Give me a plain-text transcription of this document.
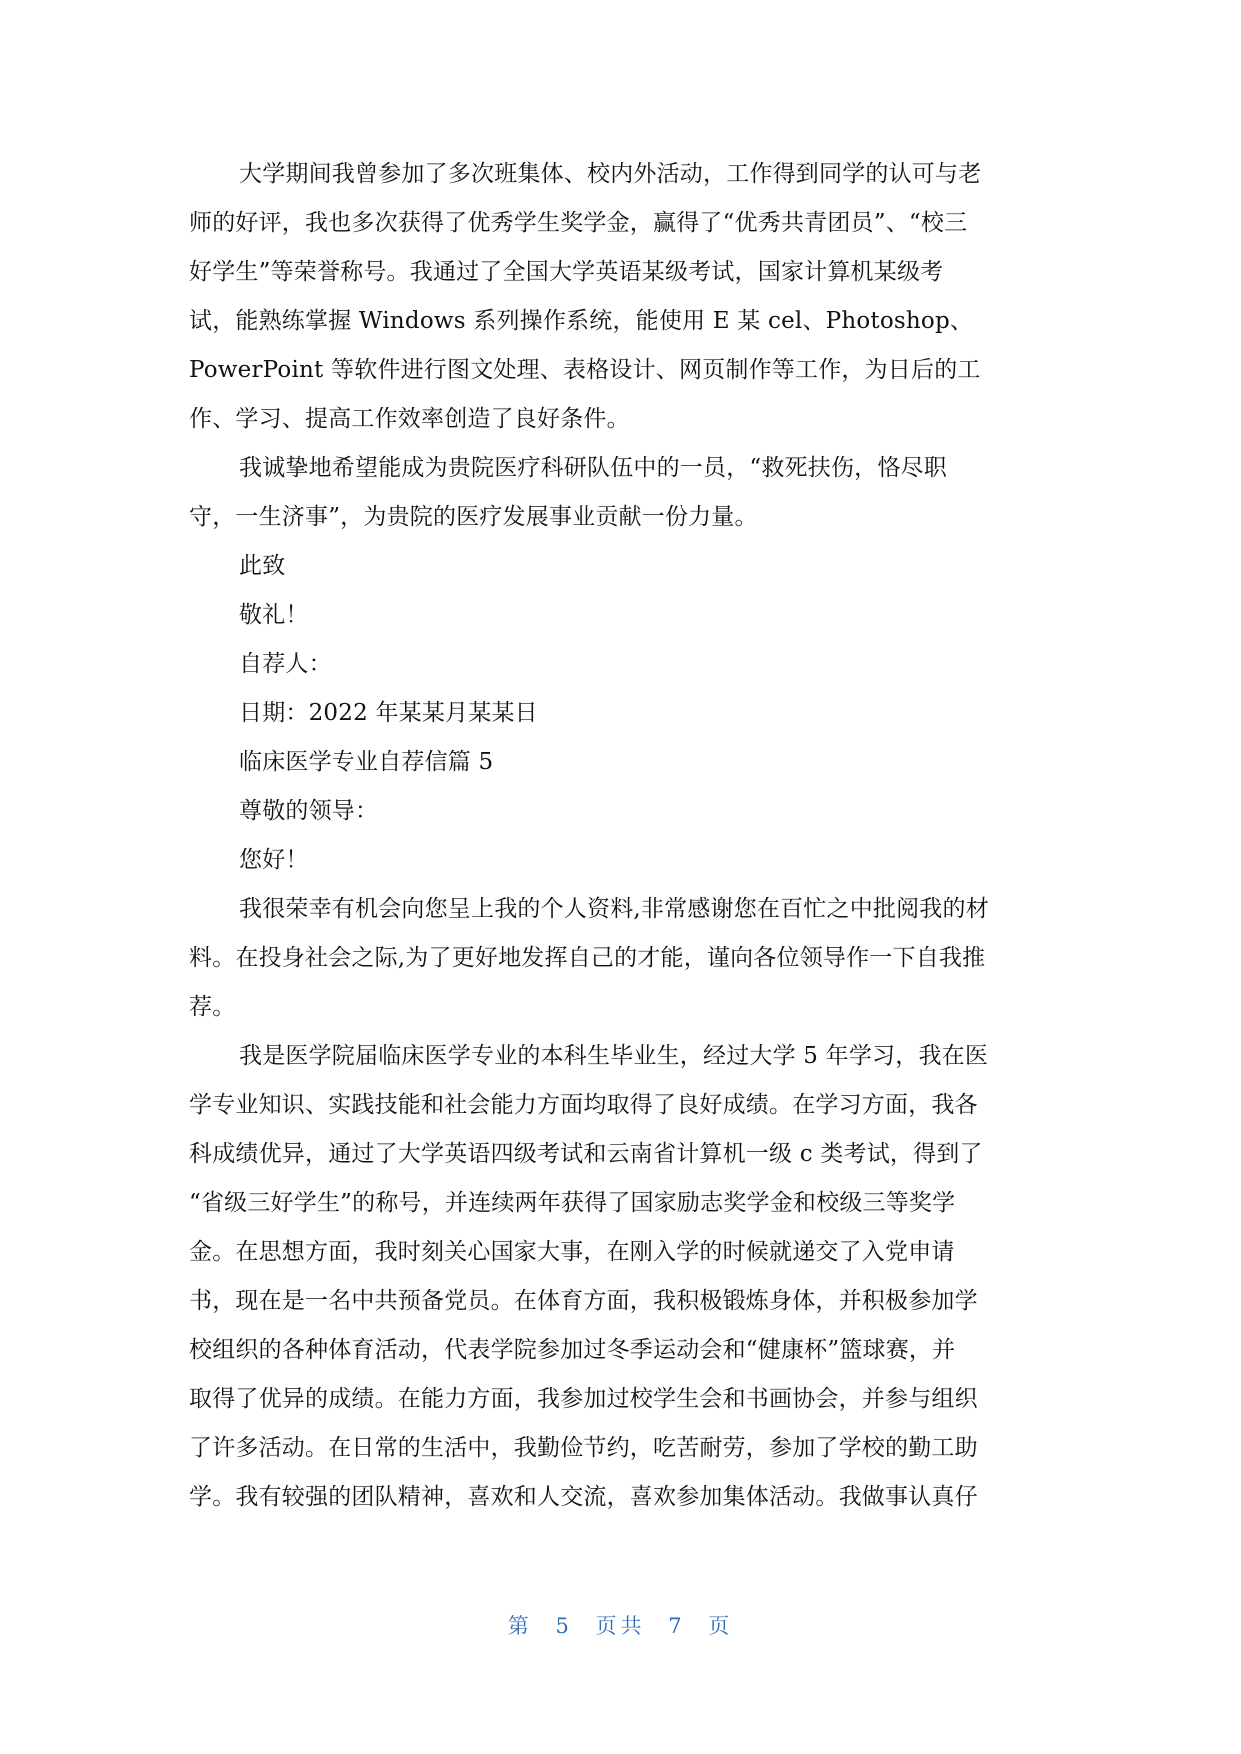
大学期间我曾参加了多次班集体、校内外活动，工作得到同学的认可与老
师的好评，我也多次获得了优秀学生奖学金，赢得了“优秀共青团员”、“校三
好学生”等荣誉称号。我通过了全国大学英语某级考试，国家计算机某级考
试，能熟练掌握 Windows 系列操作系统，能使用 E 某 cel、Photoshop、
PowerPoint 等软件进行图文处理、表格设计、网页制作等工作，为日后的工
作、学习、提高工作效率创造了良好条件。
我诚挚地希望能成为贵院医疗科研队伍中的一员，“救死扶伤，恪尽职
守，一生济事”，为贵院的医疗发展事业贡献一份力量。
此致
敬礼！
自荐人：
日期：2022 年某某月某某日
临床医学专业自荐信篇 5
尊敬的领导：
您好！
我很荣幸有机会向您呈上我的个人资料,非常感谢您在百忙之中批阅我的材
料。在投身社会之际,为了更好地发挥自己的才能，谨向各位领导作一下自我推
荐。
我是医学院届临床医学专业的本科生毕业生，经过大学 5 年学习，我在医
学专业知识、实践技能和社会能力方面均取得了良好成绩。在学习方面，我各
科成绩优异，通过了大学英语四级考试和云南省计算机一级 c 类考试，得到了
“省级三好学生”的称号，并连续两年获得了国家励志奖学金和校级三等奖学
金。在思想方面，我时刻关心国家大事，在刚入学的时候就递交了入党申请
书，现在是一名中共预备党员。在体育方面，我积极锻炼身体，并积极参加学
校组织的各种体育活动，代表学院参加过冬季运动会和“健康杯”篮球赛，并
取得了优异的成绩。在能力方面，我参加过校学生会和书画协会，并参与组织
了许多活动。在日常的生活中，我勤俭节约，吃苦耐劳，参加了学校的勤工助
学。我有较强的团队精神，喜欢和人交流，喜欢参加集体活动。我做事认真仔
第 5 页共 7 页
